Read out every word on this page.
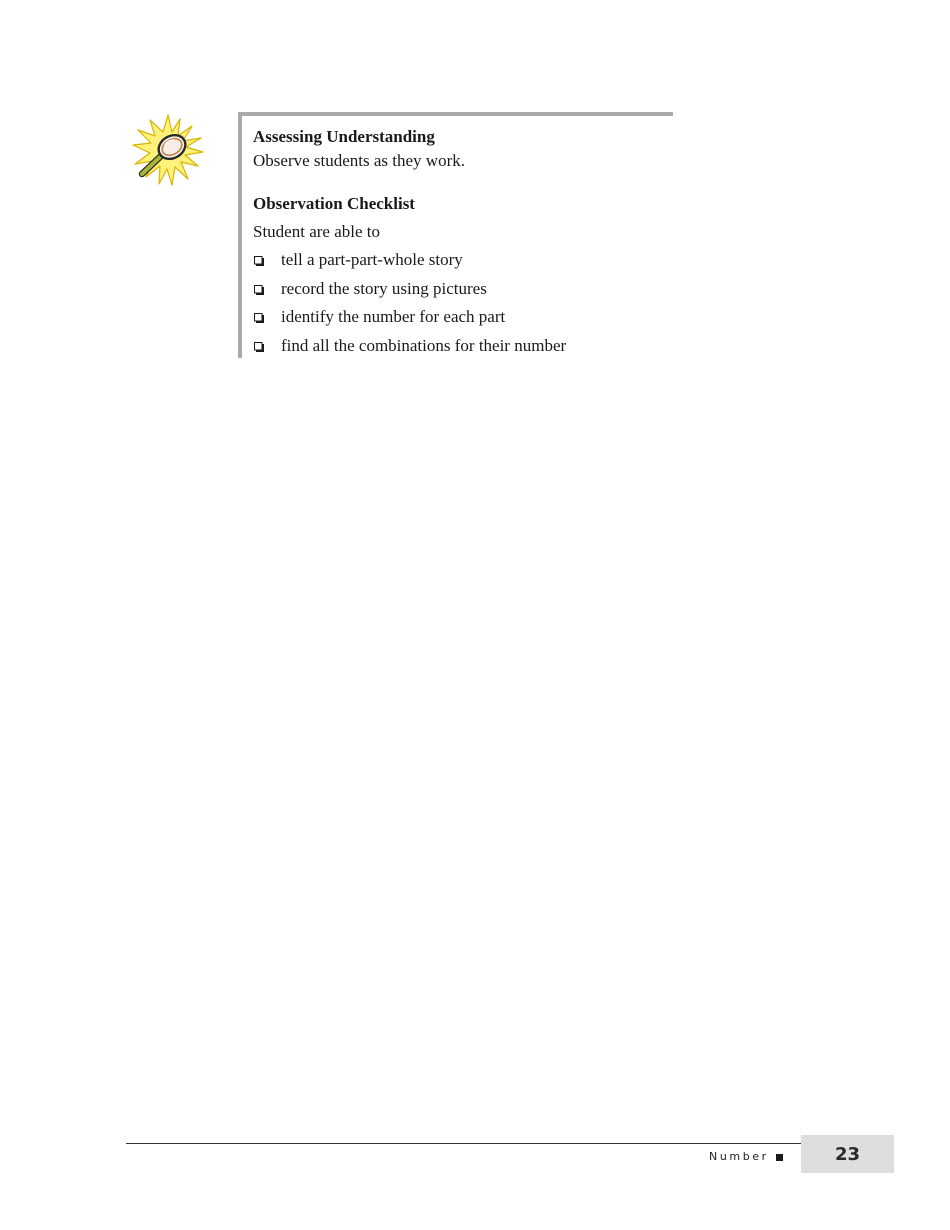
Assessing Understanding

Observe students as they work.

Observation Checklist

Student are able to

tell a part-part-whole story
record the story using pictures
identify the number for each part
find all the combinations for their number
Number	23
